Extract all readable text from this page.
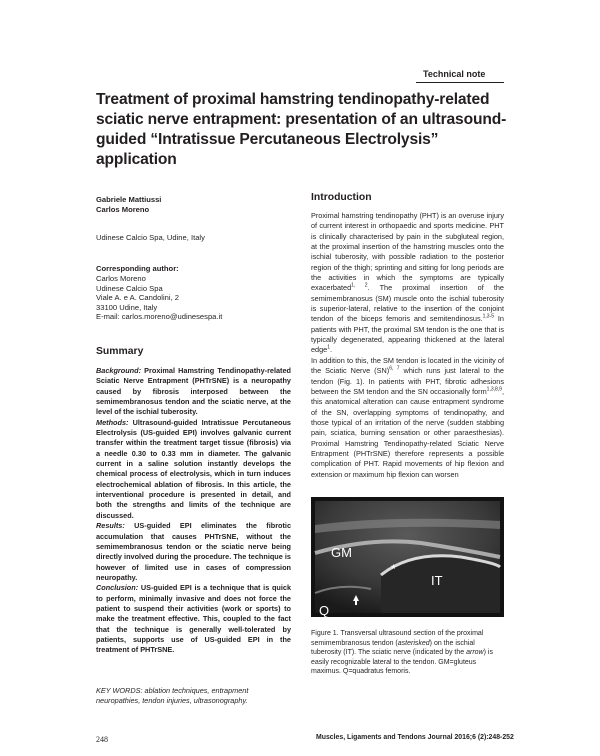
Technical note
Treatment of proximal hamstring tendinopathy-related sciatic nerve entrapment: presentation of an ultrasound-guided “Intratissue Percutaneous Electrolysis” application
Gabriele Mattiussi
Carlos Moreno
Udinese Calcio Spa, Udine, Italy
Corresponding author:
Carlos Moreno
Udinese Calcio Spa
Viale A. e A. Candolini, 2
33100 Udine, Italy
E-mail: carlos.moreno@udinesespa.it
Summary

Background: Proximal Hamstring Tendinopathy-related Sciatic Nerve Entrapment (PHTrSNE) is a neuropathy caused by fibrosis interposed between the semimembranosus tendon and the sciatic nerve, at the level of the ischial tuberosity.

Methods: Ultrasound-guided Intratissue Percutaneous Electrolysis (US-guided EPI) involves galvanic current transfer within the treatment target tissue (fibrosis) via a needle 0.30 to 0.33 mm in diameter. The galvanic current in a saline solution instantly develops the chemical process of electrolysis, which in turn induces electrochemical ablation of fibrosis. In this article, the interventional procedure is presented in detail, and both the strengths and limits of the technique are discussed.

Results: US-guided EPI eliminates the fibrotic accumulation that causes PHTrSNE, without the semimembranosus tendon or the sciatic nerve being directly involved during the procedure. The technique is however of limited use in cases of compression neuropathy.

Conclusion: US-guided EPI is a technique that is quick to perform, minimally invasive and does not force the patient to suspend their activities (work or sports) to make the treatment effective. This, coupled to the fact that the technique is generally well-tolerated by patients, supports use of US-guided EPI in the treatment of PHTrSNE.

KEY WORDS: ablation techniques, entrapment neuropathies, tendon injuries, ultrasonography.
Introduction

Proximal hamstring tendinopathy (PHT) is an overuse injury of current interest in orthopaedic and sports medicine. PHT is clinically characterised by pain in the subgluteal region, at the proximal insertion of the hamstring muscles onto the ischial tuberosity, with possible radiation to the posterior region of the thigh; sprinting and sitting for long periods are the activities in which the symptoms are typically exacerbated$^{1, 2}$. The proximal insertion of the semimembranosus (SM) muscle onto the ischial tuberosity is superior-lateral, relative to the insertion of the conjoint tendon of the biceps femoris and semitendinosus.$^{1,3-5}$ In patients with PHT, the proximal SM tendon is the one that is typically degenerated, appearing thickened at the lateral edge$^1$.

In addition to this, the SM tendon is located in the vicinity of the Sciatic Nerve (SN)$^{6, 7}$ which runs just lateral to the tendon (Fig. 1). In patients with PHT, fibrotic adhesions between the SM tendon and the SN occasionally form$^{1,3,8,9}$, this anatomical alteration can cause entrapment syndrome of the SN, overlapping symptoms of tendinopathy, and those typical of an irritation of the nerve (sudden stabbing pain, sciatica, burning sensation or other paraesthesias). Proximal Hamstring Tendinopathy-related Sciatic Nerve Entrapment (PHTrSNE) therefore represents a possible complication of PHT. Rapid movements of hip flexion and extension or maximum hip flexion can worsen

GM
IT
Q
*
Figure 1. Transversal ultrasound section of the proximal semimembranosus tendon (asterisked) on the ischial tuberosity (IT). The sciatic nerve (indicated by the arrow) is easily recognizable lateral to the tendon. GM=gluteus maximus. Q=quadratus femoris.
248	Muscles, Ligaments and Tendons Journal 2016;6 (2):248-252
